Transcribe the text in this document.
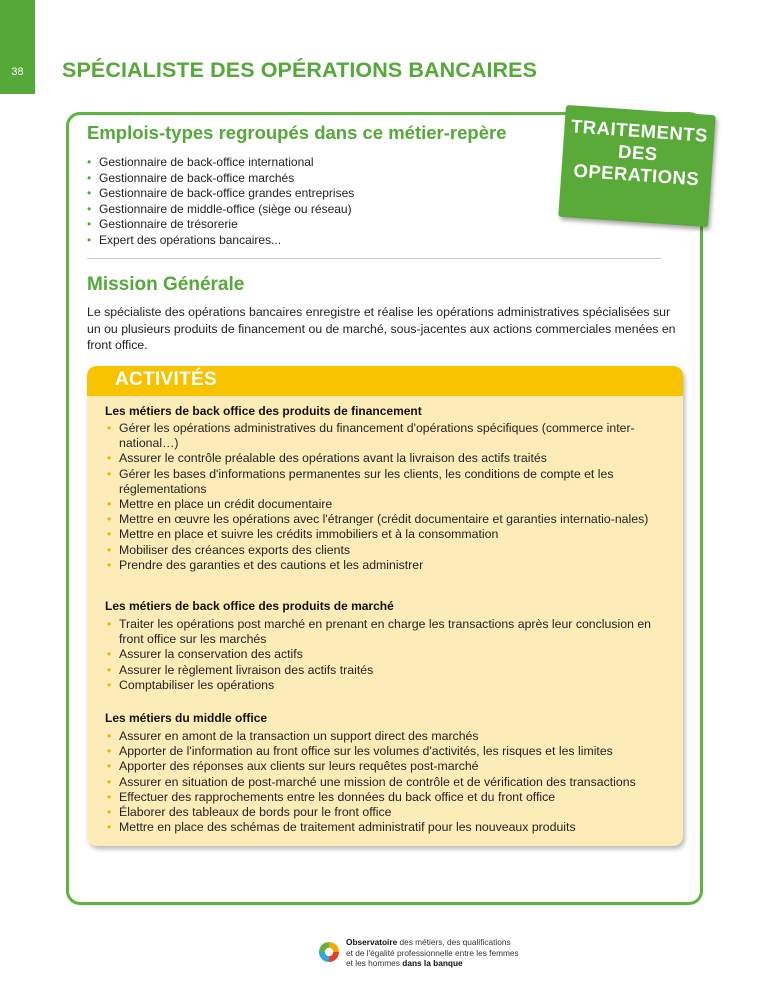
38	SPÉCIALISTE DES OPÉRATIONS BANCAIRES
TRAITEMENTS
DES
OPERATIONS
Emplois-types regroupés dans ce métier-repère
• Gestionnaire de back-office international
• Gestionnaire de back-office marchés
• Gestionnaire de back-office grandes entreprises
• Gestionnaire de middle-office (siège ou réseau)
• Gestionnaire de trésorerie
• Expert des opérations bancaires...
Mission Générale

Le spécialiste des opérations bancaires enregistre et réalise les opérations administratives spécialisées sur un ou plusieurs produits de financement ou de marché, sous-jacentes aux actions commerciales menées en front office.

ACTIVITÉS
Les métiers de back office des produits de financement
• Gérer les opérations administratives du financement d'opérations spécifiques (commerce inter-national…)
• Assurer le contrôle préalable des opérations avant la livraison des actifs traités
• Gérer les bases d'informations permanentes sur les clients, les conditions de compte et les réglementations
• Mettre en place un crédit documentaire
• Mettre en œuvre les opérations avec l'étranger (crédit documentaire et garanties internatio-nales)
• Mettre en place et suivre les crédits immobiliers et à la consommation
• Mobiliser des créances exports des clients
• Prendre des garanties et des cautions et les administrer
Les métiers de back office des produits de marché
• Traiter les opérations post marché en prenant en charge les transactions après leur conclusion en front office sur les marchés
• Assurer la conservation des actifs
• Assurer le règlement livraison des actifs traités
• Comptabiliser les opérations
Les métiers du middle office
• Assurer en amont de la transaction un support direct des marchés
• Apporter de l'information au front office sur les volumes d'activités, les risques et les limites
• Apporter des réponses aux clients sur leurs requêtes post-marché
• Assurer en situation de post-marché une mission de contrôle et de vérification des transactions
• Effectuer des rapprochements entre les données du back office et du front office
• Élaborer des tableaux de bords pour le front office
• Mettre en place des schémas de traitement administratif pour les nouveaux produits
Observatoire des métiers, des qualifications
et de l'égalité professionnelle entre les femmes
et les hommes dans la banque
